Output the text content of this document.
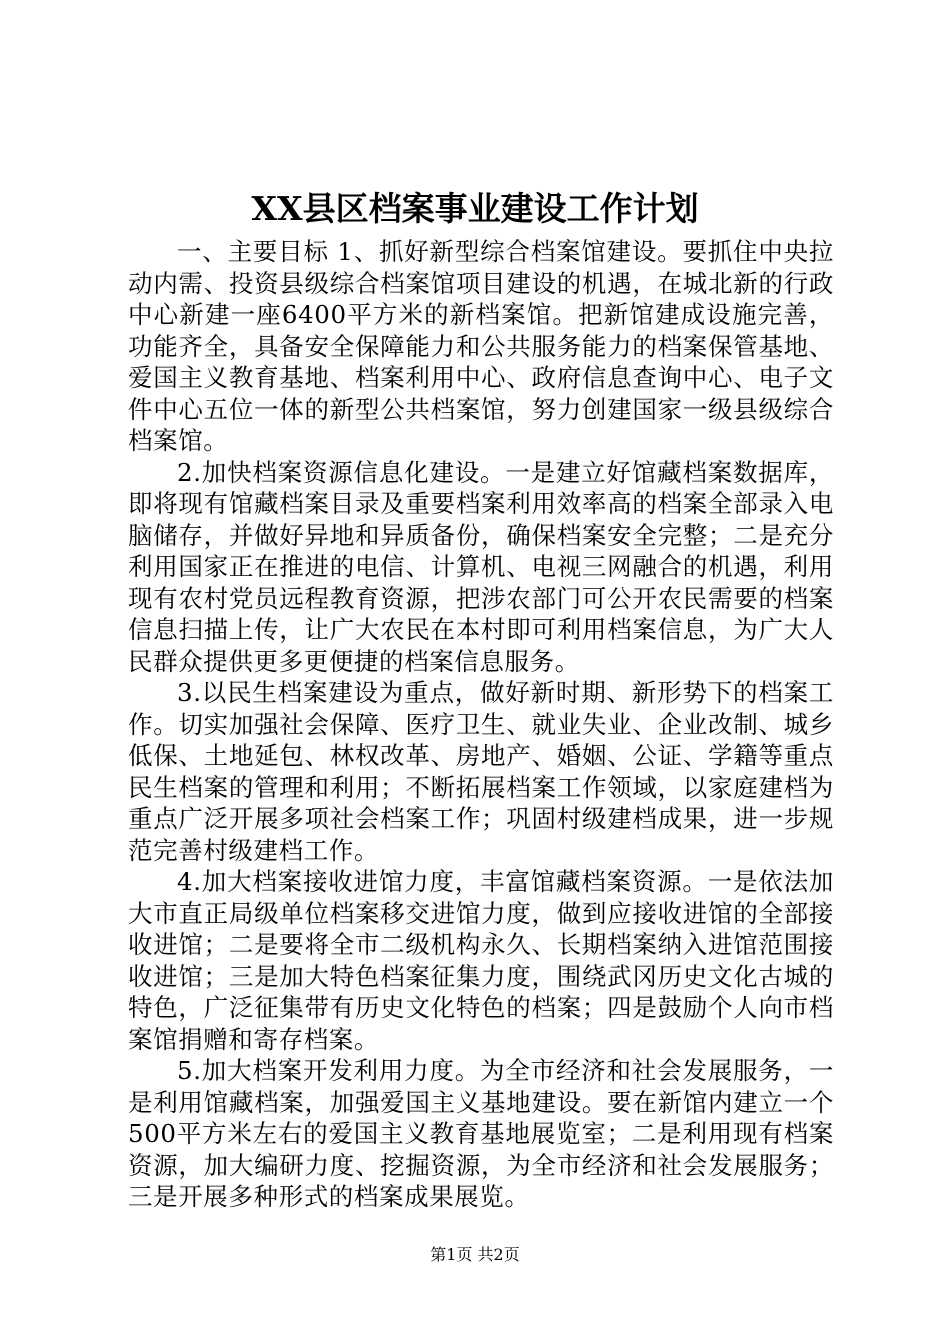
XX县区档案事业建设工作计划

一、主要目标 1、抓好新型综合档案馆建设。要抓住中央拉动内需、投资县级综合档案馆项目建设的机遇，在城北新的行政中心新建一座6400平方米的新档案馆。把新馆建成设施完善，功能齐全，具备安全保障能力和公共服务能力的档案保管基地、爱国主义教育基地、档案利用中心、政府信息查询中心、电子文件中心五位一体的新型公共档案馆，努力创建国家一级县级综合档案馆。

2.加快档案资源信息化建设。一是建立好馆藏档案数据库，即将现有馆藏档案目录及重要档案利用效率高的档案全部录入电脑储存，并做好异地和异质备份，确保档案安全完整；二是充分利用国家正在推进的电信、计算机、电视三网融合的机遇，利用现有农村党员远程教育资源，把涉农部门可公开农民需要的档案信息扫描上传，让广大农民在本村即可利用档案信息，为广大人民群众提供更多更便捷的档案信息服务。

3.以民生档案建设为重点，做好新时期、新形势下的档案工作。切实加强社会保障、医疗卫生、就业失业、企业改制、城乡低保、土地延包、林权改革、房地产、婚姻、公证、学籍等重点民生档案的管理和利用；不断拓展档案工作领域，以家庭建档为重点广泛开展多项社会档案工作；巩固村级建档成果，进一步规范完善村级建档工作。

4.加大档案接收进馆力度，丰富馆藏档案资源。一是依法加大市直正局级单位档案移交进馆力度，做到应接收进馆的全部接收进馆；二是要将全市二级机构永久、长期档案纳入进馆范围接收进馆；三是加大特色档案征集力度，围绕武冈历史文化古城的特色，广泛征集带有历史文化特色的档案；四是鼓励个人向市档案馆捐赠和寄存档案。

5.加大档案开发利用力度。为全市经济和社会发展服务，一是利用馆藏档案，加强爱国主义基地建设。要在新馆内建立一个500平方米左右的爱国主义教育基地展览室；二是利用现有档案资源，加大编研力度、挖掘资源，为全市经济和社会发展服务；三是开展多种形式的档案成果展览。

第1页 共2页
